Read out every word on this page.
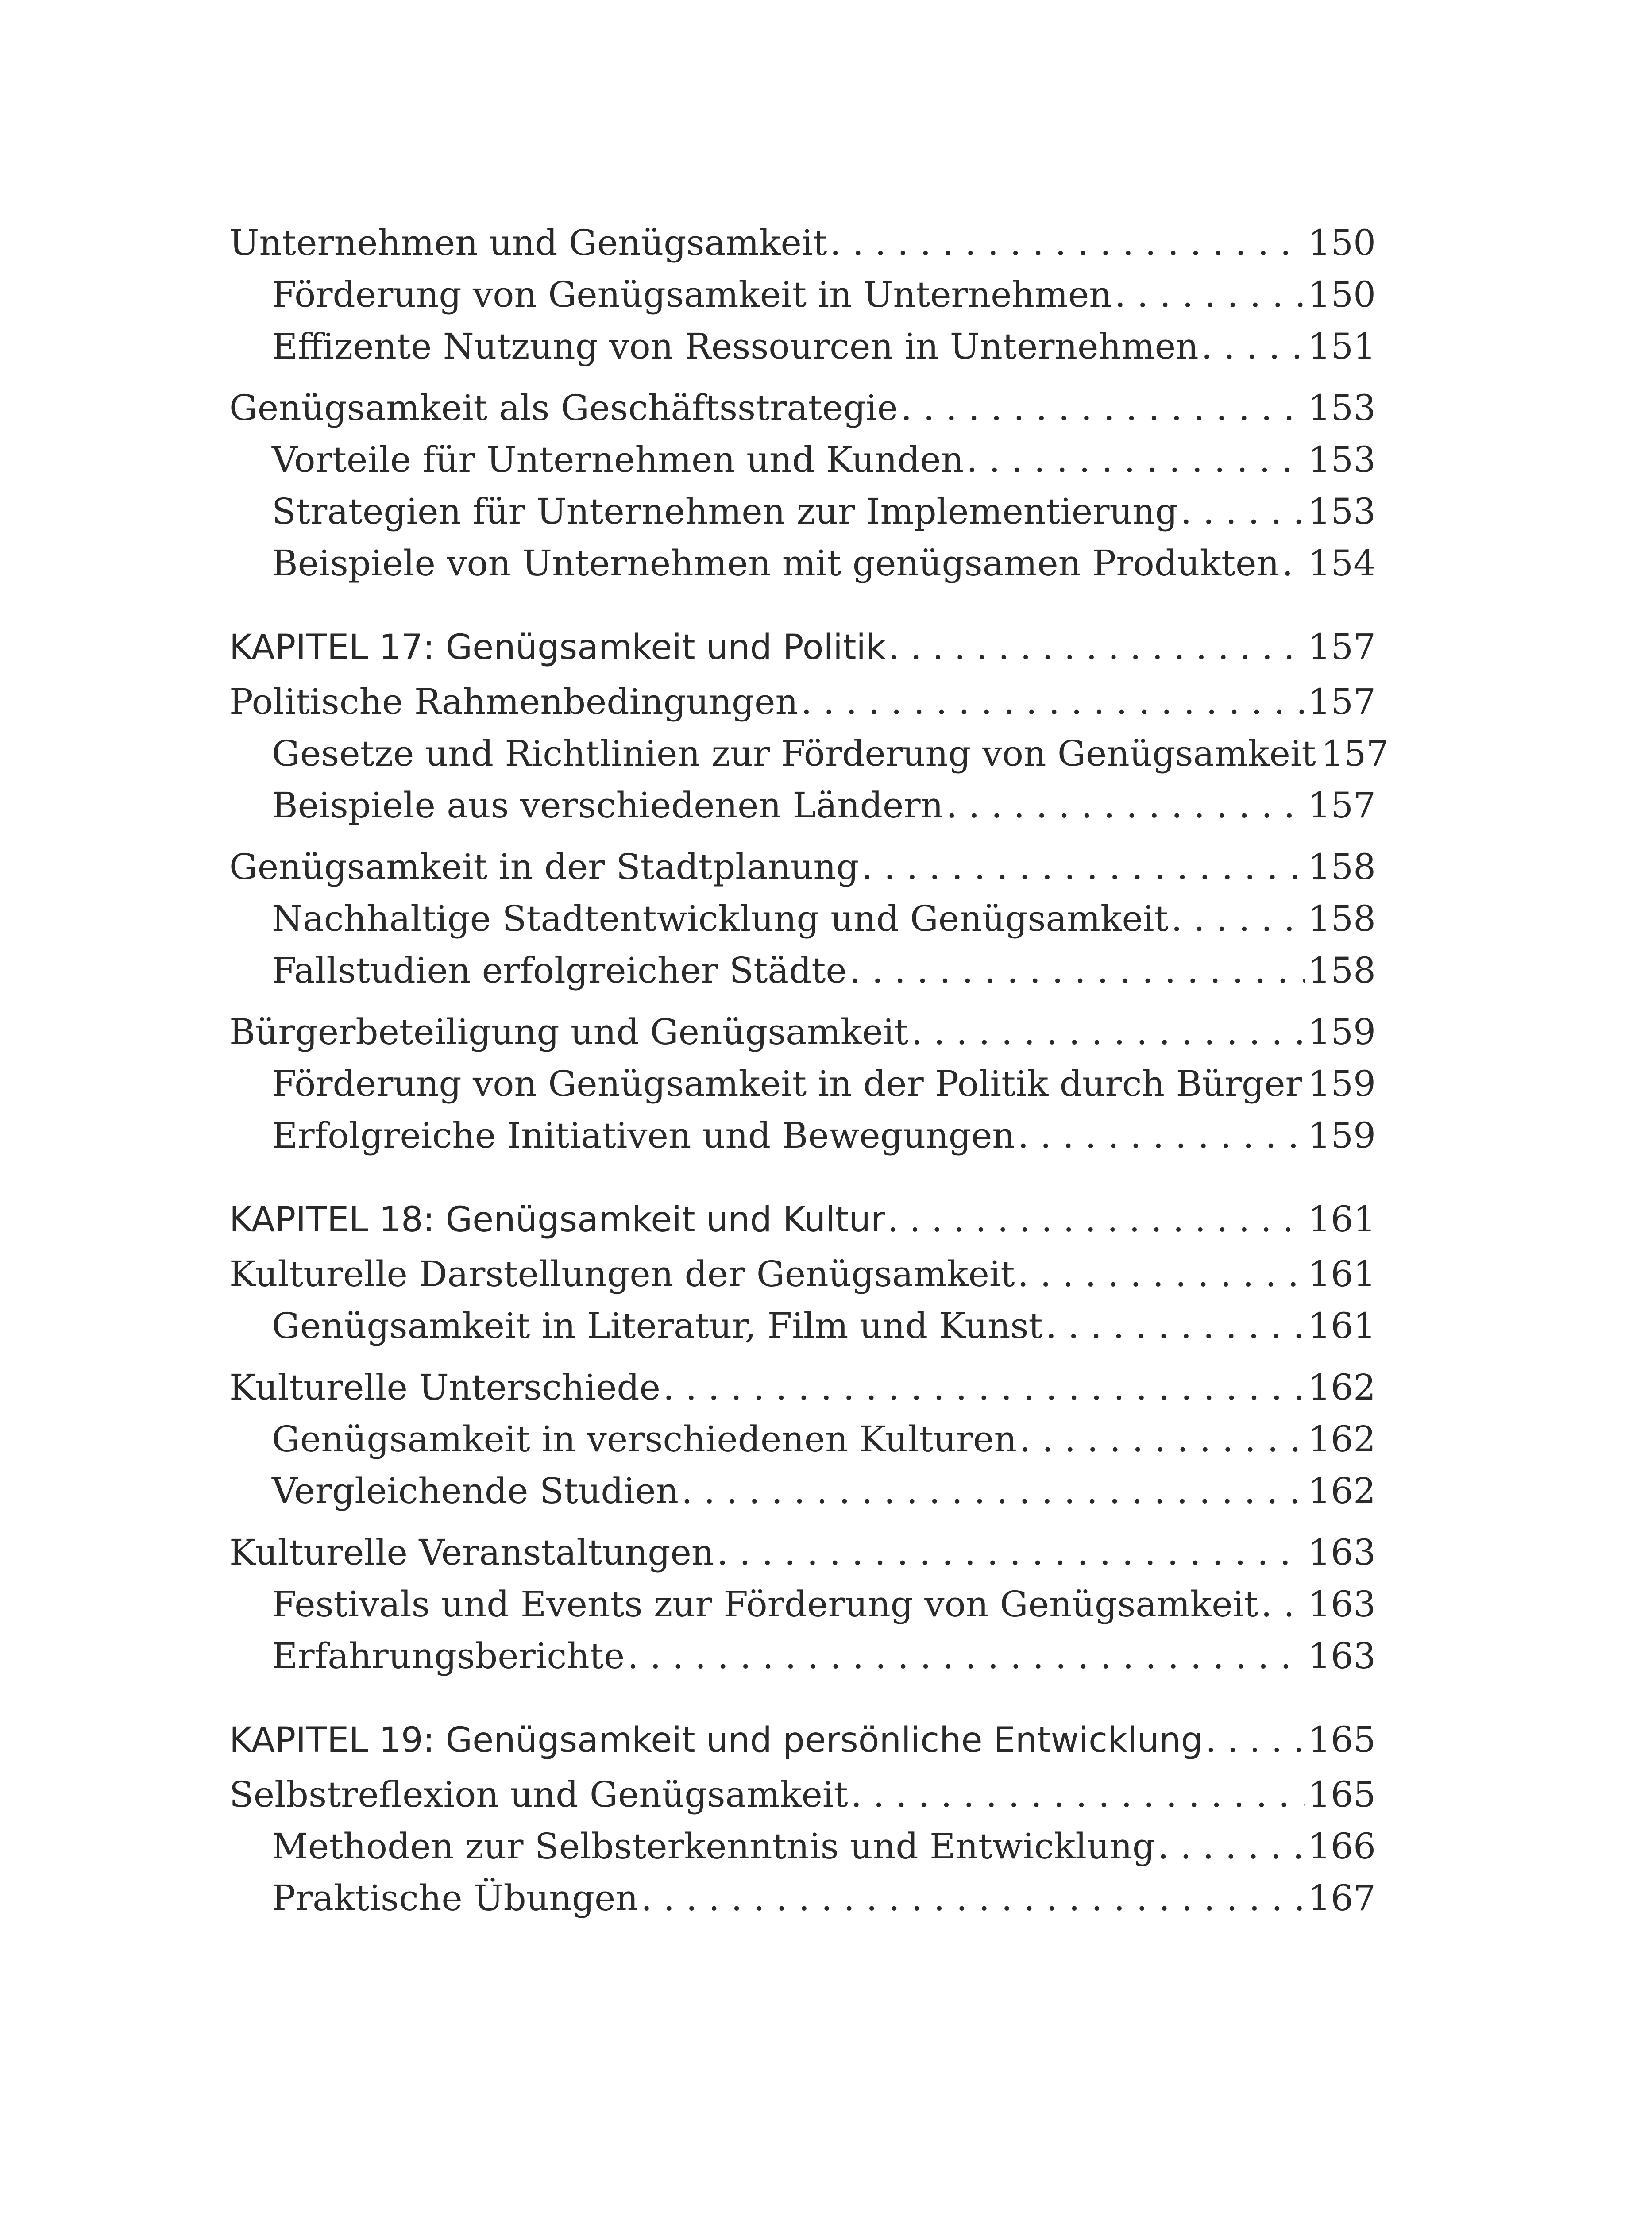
Unternehmen und Genügsamkeit . . .	150
Förderung von Genügsamkeit in Unternehmen . . .	150
Effizente Nutzung von Ressourcen in Unternehmen . . .	151
Genügsamkeit als Geschäftsstrategie . . .	153
Vorteile für Unternehmen und Kunden . . .	153
Strategien für Unternehmen zur Implementierung . . .	153
Beispiele von Unternehmen mit genügsamen Produkten . . . 154
KAPITEL 17: Genügsamkeit und Politik . . .	157
Politische Rahmenbedingungen . . .	157
Gesetze und Richtlinien zur Förderung von Genügsamkeit 157
Beispiele aus verschiedenen Ländern . . .	157
Genügsamkeit in der Stadtplanung . . .	158
Nachhaltige Stadtentwicklung und Genügsamkeit . . .	158
Fallstudien erfolgreicher Städte . . .	158
Bürgerbeteiligung und Genügsamkeit . . .	159
Förderung von Genügsamkeit in der Politik durch Bürger . . . 159
Erfolgreiche Initiativen und Bewegungen . . .	159
KAPITEL 18: Genügsamkeit und Kultur . . .	161
Kulturelle Darstellungen der Genügsamkeit . . .	161
Genügsamkeit in Literatur, Film und Kunst . . .	161
Kulturelle Unterschiede . . .	162
Genügsamkeit in verschiedenen Kulturen . . .	162
Vergleichende Studien . . .	162
Kulturelle Veranstaltungen . . .	163
Festivals und Events zur Förderung von Genügsamkeit . . . 163
Erfahrungsberichte . . .	163
KAPITEL 19: Genügsamkeit und persönliche Entwicklung . . .	165
Selbstreflexion und Genügsamkeit . . .	165
Methoden zur Selbsterkenntnis und Entwicklung . . .	166
Praktische Übungen . . .	167
